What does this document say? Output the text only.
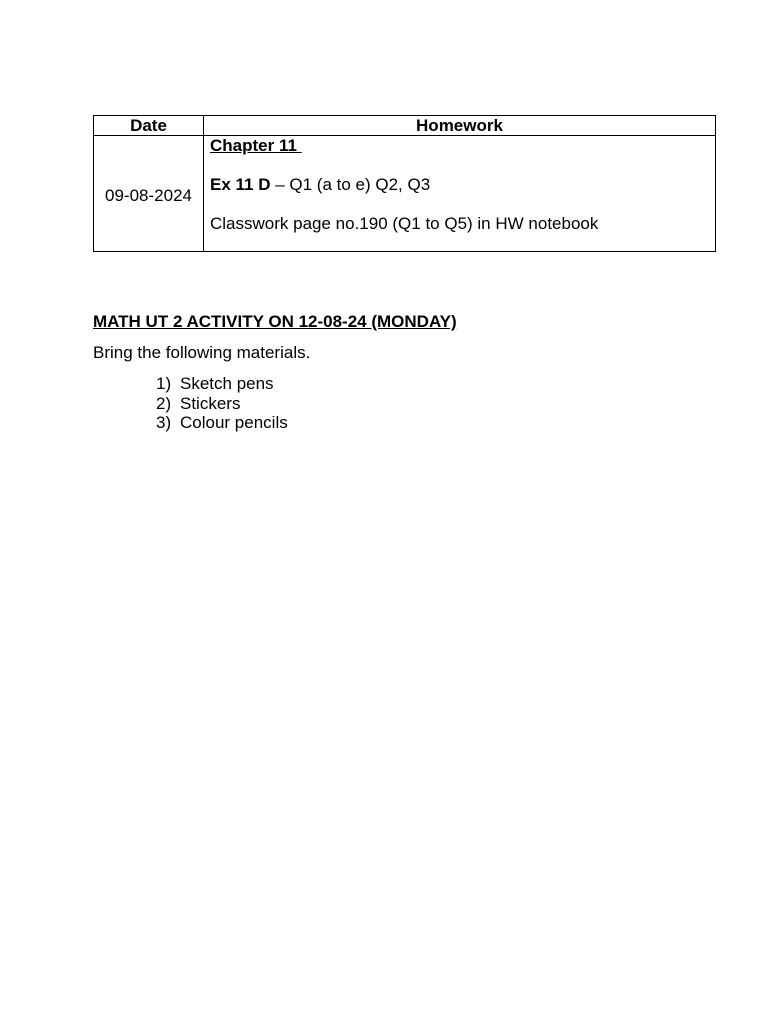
Date	Homework
09-08-2024	Chapter 11
Ex 11 D – Q1 (a to e) Q2, Q3
Classwork page no.190 (Q1 to Q5) in HW notebook

MATH UT 2 ACTIVITY ON 12-08-24 (MONDAY)

Bring the following materials.

1) Sketch pens
2) Stickers
3) Colour pencils
